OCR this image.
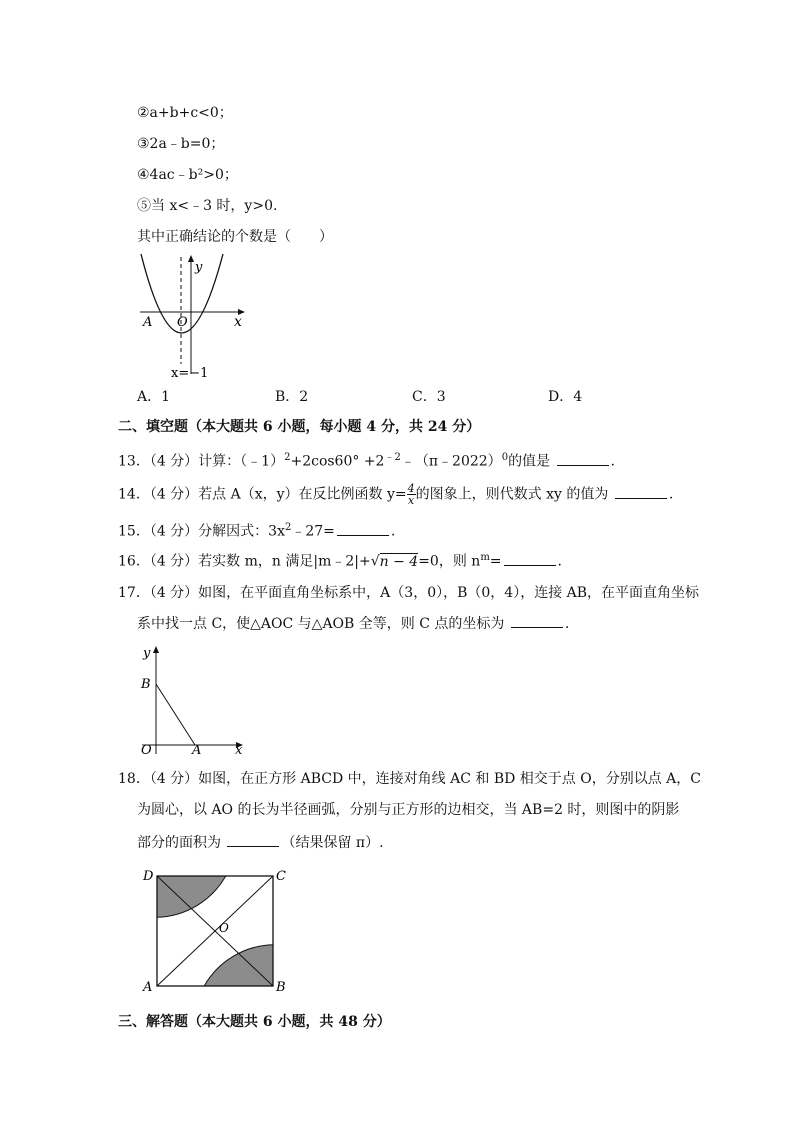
②a+b+c<0；
③2a﹣b=0；
④4ac﹣b²>0；
⑤当 x<﹣3 时，y>0.
其中正确结论的个数是（　　）
y
x
O
A
x=−1
A．1	B．2	C．3	D．4
二、填空题（本大题共 6 小题，每小题 4 分，共 24 分）
13．（4 分）计算：（﹣1）$^2$+2cos60° $+2^{﹣2}﹣(\pi﹣2022)^0$的值是	.
14．（4 分）若点 A（x，y）在反比例函数 $y= \frac{4}{x}$ 的图象上，则代数式 xy 的值为	.
15．（4 分）分解因式：$3x^2﹣27=$	.
16．（4 分）若实数 m，n 满足|m﹣2|+√n − 4=0，则 $n^m=$	.
17．（4 分）如图，在平面直角坐标系中，A（3，0），B（0，4），连接 AB，在平面直角坐标
系中找一点 C，使△AOC 与△AOB 全等，则 C 点的坐标为	.
y
x
O	A
B
18．（4 分）如图，在正方形 ABCD 中，连接对角线 AC 和 BD 相交于点 O，分别以点 A，C
为圆心，以 AO 的长为半径画弧，分别与正方形的边相交，当 AB=2 时，则图中的阴影
部分的面积为	（结果保留 π）.
D	C
A	B
O
三、解答题（本大题共 6 小题，共 48 分）
